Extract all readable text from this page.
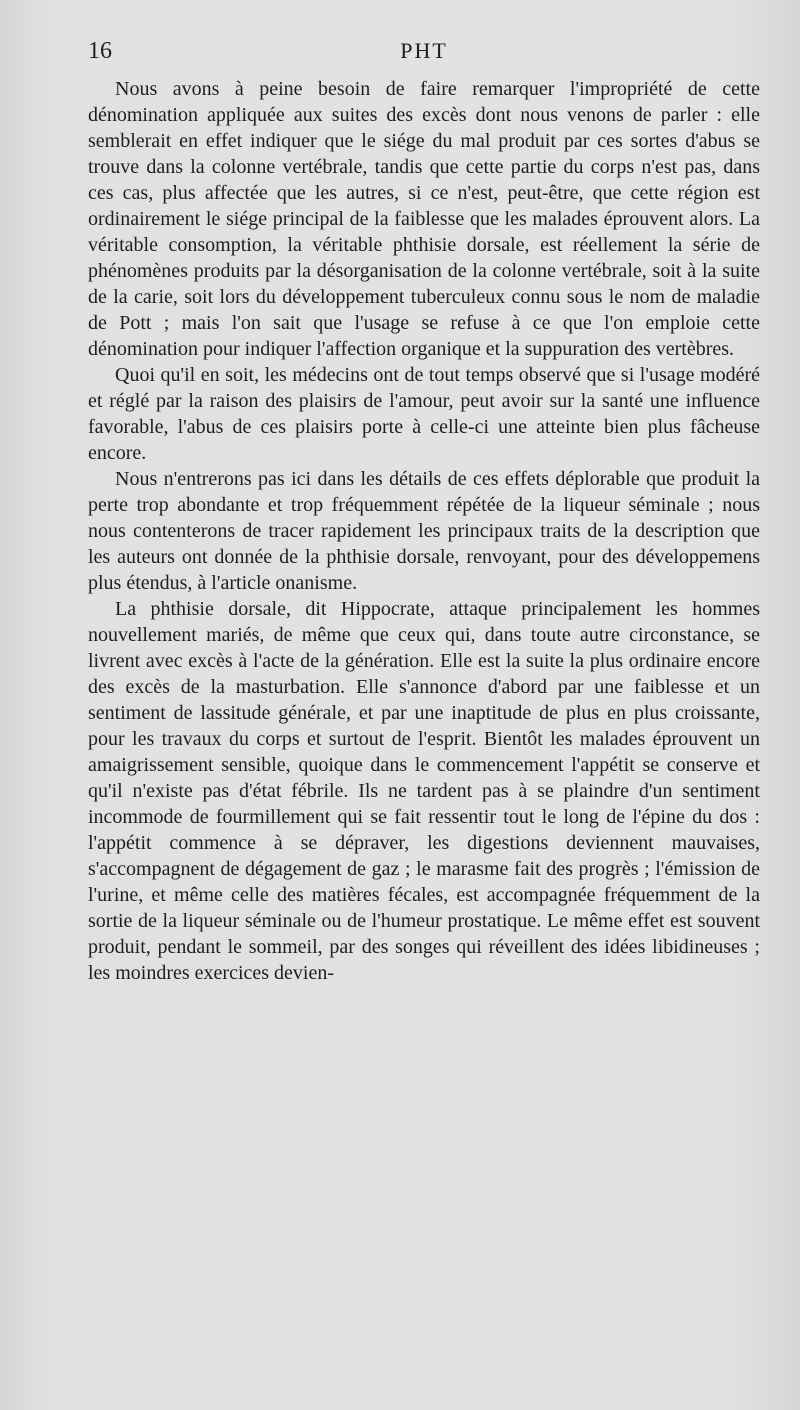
16	PHT

Nous avons à peine besoin de faire remarquer l'impropriété de cette dénomination appliquée aux suites des excès dont nous venons de parler : elle semblerait en effet indiquer que le siége du mal produit par ces sortes d'abus se trouve dans la colonne vertébrale, tandis que cette partie du corps n'est pas, dans ces cas, plus affectée que les autres, si ce n'est, peut-être, que cette région est ordinairement le siége principal de la faiblesse que les malades éprouvent alors. La véritable consomption, la véritable phthisie dorsale, est réellement la série de phénomènes produits par la désorganisation de la colonne vertébrale, soit à la suite de la carie, soit lors du développement tuberculeux connu sous le nom de maladie de Pott ; mais l'on sait que l'usage se refuse à ce que l'on emploie cette dénomination pour indiquer l'affection organique et la suppuration des vertèbres.

Quoi qu'il en soit, les médecins ont de tout temps observé que si l'usage modéré et réglé par la raison des plaisirs de l'amour, peut avoir sur la santé une influence favorable, l'abus de ces plaisirs porte à celle-ci une atteinte bien plus fâcheuse encore.

Nous n'entrerons pas ici dans les détails de ces effets déplorable que produit la perte trop abondante et trop fréquemment répétée de la liqueur séminale ; nous nous contenterons de tracer rapidement les principaux traits de la description que les auteurs ont donnée de la phthisie dorsale, renvoyant, pour des développemens plus étendus, à l'article onanisme.

La phthisie dorsale, dit Hippocrate, attaque principalement les hommes nouvellement mariés, de même que ceux qui, dans toute autre circonstance, se livrent avec excès à l'acte de la génération. Elle est la suite la plus ordinaire encore des excès de la masturbation. Elle s'annonce d'abord par une faiblesse et un sentiment de lassitude générale, et par une inaptitude de plus en plus croissante, pour les travaux du corps et surtout de l'esprit. Bientôt les malades éprouvent un amaigrissement sensible, quoique dans le commencement l'appétit se conserve et qu'il n'existe pas d'état fébrile. Ils ne tardent pas à se plaindre d'un sentiment incommode de fourmillement qui se fait ressentir tout le long de l'épine du dos : l'appétit commence à se dépraver, les digestions deviennent mauvaises, s'accompagnent de dégagement de gaz ; le marasme fait des progrès ; l'émission de l'urine, et même celle des matières fécales, est accompagnée fréquemment de la sortie de la liqueur séminale ou de l'humeur prostatique. Le même effet est souvent produit, pendant le sommeil, par des songes qui réveillent des idées libidineuses ; les moindres exercices devien-
